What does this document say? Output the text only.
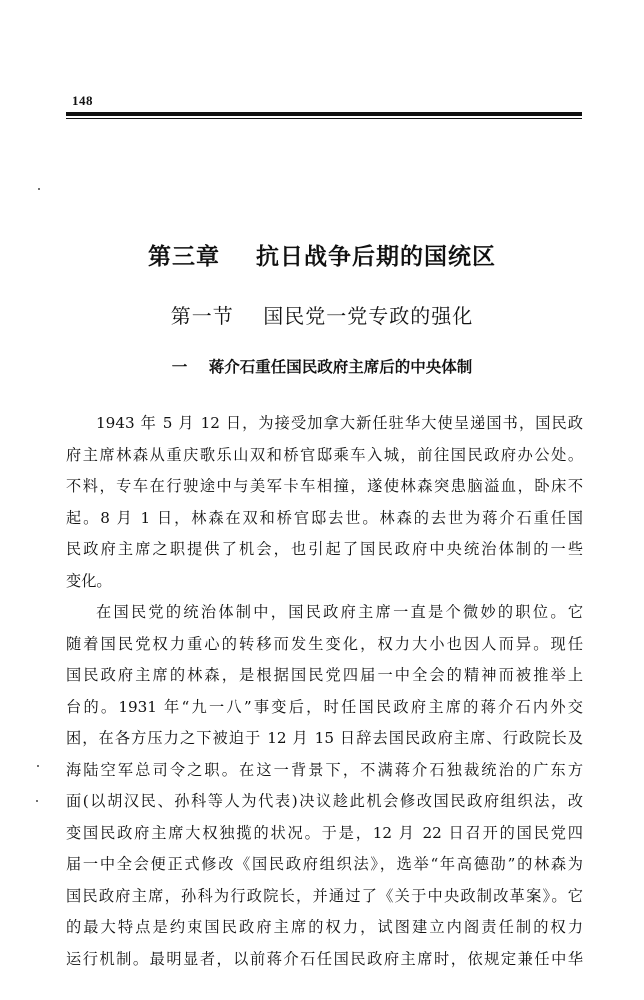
148
第三章    抗日战争后期的国统区
第一节    国民党一党专政的强化
一    蒋介石重任国民政府主席后的中央体制
1943 年 5 月 12 日，为接受加拿大新任驻华大使呈递国书，国民政
府主席林森从重庆歌乐山双和桥官邸乘车入城，前往国民政府办公处。
不料，专车在行驶途中与美军卡车相撞，遂使林森突患脑溢血，卧床不
起。8 月 1 日，林森在双和桥官邸去世。林森的去世为蒋介石重任国
民政府主席之职提供了机会，也引起了国民政府中央统治体制的一些
变化。
在国民党的统治体制中，国民政府主席一直是个微妙的职位。它
随着国民党权力重心的转移而发生变化，权力大小也因人而异。现任
国民政府主席的林森，是根据国民党四届一中全会的精神而被推举上
台的。1931 年“九一八”事变后，时任国民政府主席的蒋介石内外交
困，在各方压力之下被迫于 12 月 15 日辞去国民政府主席、行政院长及
海陆空军总司令之职。在这一背景下，不满蒋介石独裁统治的广东方
面(以胡汉民、孙科等人为代表)决议趁此机会修改国民政府组织法，改
变国民政府主席大权独揽的状况。于是，12 月 22 日召开的国民党四
届一中全会便正式修改《国民政府组织法》，选举“年高德劭”的林森为
国民政府主席，孙科为行政院长，并通过了《关于中央政制改革案》。它
的最大特点是约束国民政府主席的权力，试图建立内阁责任制的权力
运行机制。最明显者，以前蒋介石任国民政府主席时，依规定兼任中华
